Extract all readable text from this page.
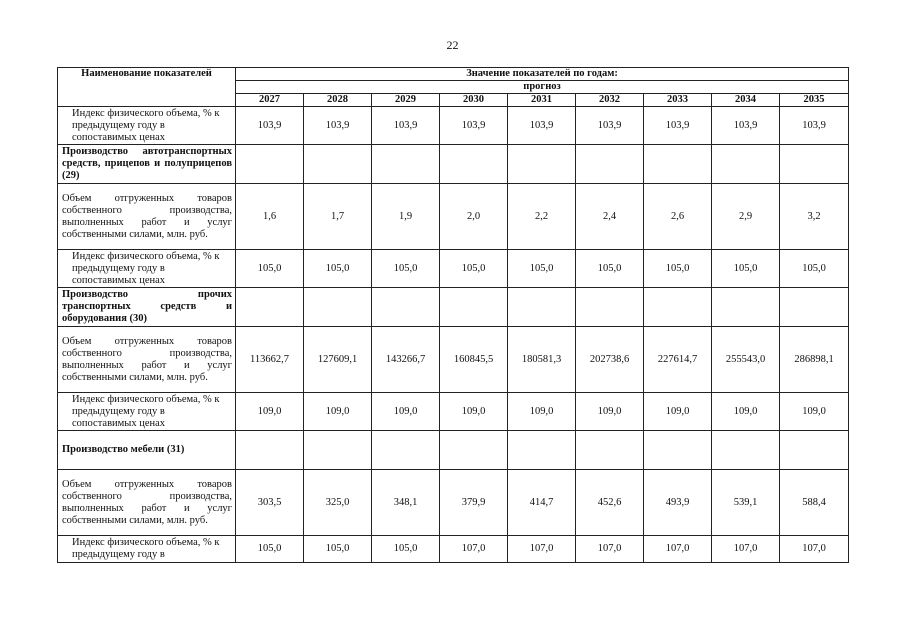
22
Наименование показателей	Значение показателей по годам:								
	прогноз								
	2027	2028	2029	2030	2031	2032	2033	2034	2035
Индекс физического объема, % к предыдущему году в сопоставимых ценах	103,9	103,9	103,9	103,9	103,9	103,9	103,9	103,9	103,9
Производство автотранспортных средств, прицепов и полуприцепов (29)									
Объем отгруженных товаров собственного производства, выполненных работ и услуг собственными силами, млн. руб.	1,6	1,7	1,9	2,0	2,2	2,4	2,6	2,9	3,2
Индекс физического объема, % к предыдущему году в сопоставимых ценах	105,0	105,0	105,0	105,0	105,0	105,0	105,0	105,0	105,0
Производство прочих транспортных средств и оборудования (30)									
Объем отгруженных товаров собственного производства, выполненных работ и услуг собственными силами, млн. руб.	113662,7	127609,1	143266,7	160845,5	180581,3	202738,6	227614,7	255543,0	286898,1
Индекс физического объема, % к предыдущему году в сопоставимых ценах	109,0	109,0	109,0	109,0	109,0	109,0	109,0	109,0	109,0
Производство мебели (31)									
Объем отгруженных товаров собственного производства, выполненных работ и услуг собственными силами, млн. руб.	303,5	325,0	348,1	379,9	414,7	452,6	493,9	539,1	588,4
Индекс физического объема, % к предыдущему году в	105,0	105,0	105,0	107,0	107,0	107,0	107,0	107,0	107,0
